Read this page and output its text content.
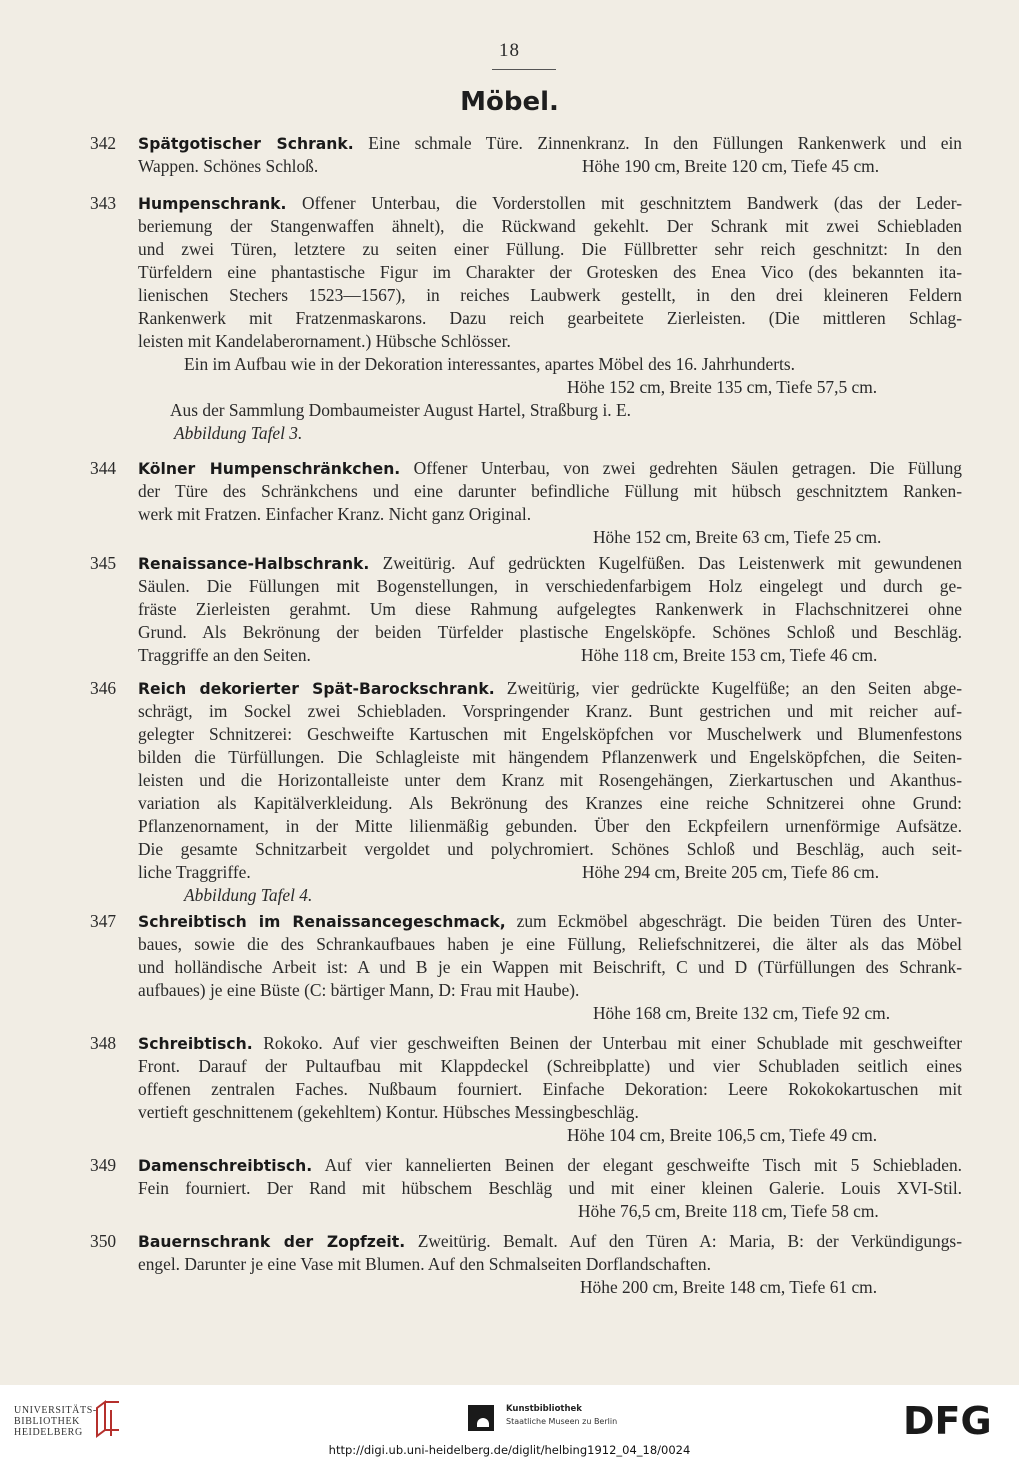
18
Möbel.
342 Spätgotischer Schrank. Eine schmale Türe. Zinnenkranz. In den Füllungen Rankenwerk und ein
Wappen. Schönes Schloß.	Höhe 190 cm, Breite 120 cm, Tiefe 45 cm.
343 Humpenschrank. Offener Unterbau, die Vorderstollen mit geschnitztem Bandwerk (das der Leder-
beriemung der Stangenwaffen ähnelt), die Rückwand gekehlt. Der Schrank mit zwei Schiebladen
und zwei Türen, letztere zu seiten einer Füllung. Die Füllbretter sehr reich geschnitzt: In den
Türfeldern eine phantastische Figur im Charakter der Grotesken des Enea Vico (des bekannten ita-
lienischen Stechers 1523—1567), in reiches Laubwerk gestellt, in den drei kleineren Feldern
Rankenwerk mit Fratzenmaskarons. Dazu reich gearbeitete Zierleisten. (Die mittleren Schlag-
leisten mit Kandelaberornament.) Hübsche Schlösser.
Ein im Aufbau wie in der Dekoration interessantes, apartes Möbel des 16. Jahrhunderts.
Höhe 152 cm, Breite 135 cm, Tiefe 57,5 cm.
Aus der Sammlung Dombaumeister August Hartel, Straßburg i. E.
Abbildung Tafel 3.
344 Kölner Humpenschränkchen. Offener Unterbau, von zwei gedrehten Säulen getragen. Die Füllung
der Türe des Schränkchens und eine darunter befindliche Füllung mit hübsch geschnitztem Ranken-
werk mit Fratzen. Einfacher Kranz. Nicht ganz Original.
Höhe 152 cm, Breite 63 cm, Tiefe 25 cm.
345 Renaissance-Halbschrank. Zweitürig. Auf gedrückten Kugelfüßen. Das Leistenwerk mit gewundenen
Säulen. Die Füllungen mit Bogenstellungen, in verschiedenfarbigem Holz eingelegt und durch ge-
fräste Zierleisten gerahmt. Um diese Rahmung aufgelegtes Rankenwerk in Flachschnitzerei ohne
Grund. Als Bekrönung der beiden Türfelder plastische Engelsköpfe. Schönes Schloß und Beschläg.
Traggriffe an den Seiten.	Höhe 118 cm, Breite 153 cm, Tiefe 46 cm.
346 Reich dekorierter Spät-Barockschrank. Zweitürig, vier gedrückte Kugelfüße; an den Seiten abge-
schrägt, im Sockel zwei Schiebladen. Vorspringender Kranz. Bunt gestrichen und mit reicher auf-
gelegter Schnitzerei: Geschweifte Kartuschen mit Engelsköpfchen vor Muschelwerk und Blumenfestons
bilden die Türfüllungen. Die Schlagleiste mit hängendem Pflanzenwerk und Engelsköpfchen, die Seiten-
leisten und die Horizontalleiste unter dem Kranz mit Rosengehängen, Zierkartuschen und Akanthus-
variation als Kapitälverkleidung. Als Bekrönung des Kranzes eine reiche Schnitzerei ohne Grund:
Pflanzenornament, in der Mitte lilienmäßig gebunden. Über den Eckpfeilern urnenförmige Aufsätze.
Die gesamte Schnitzarbeit vergoldet und polychromiert. Schönes Schloß und Beschläg, auch seit-
liche Traggriffe.	Höhe 294 cm, Breite 205 cm, Tiefe 86 cm.
Abbildung Tafel 4.
347 Schreibtisch im Renaissancegeschmack, zum Eckmöbel abgeschrägt. Die beiden Türen des Unter-
baues, sowie die des Schrankaufbaues haben je eine Füllung, Reliefschnitzerei, die älter als das Möbel
und holländische Arbeit ist: A und B je ein Wappen mit Beischrift, C und D (Türfüllungen des Schrank-
aufbaues) je eine Büste (C: bärtiger Mann, D: Frau mit Haube).
Höhe 168 cm, Breite 132 cm, Tiefe 92 cm.
348 Schreibtisch. Rokoko. Auf vier geschweiften Beinen der Unterbau mit einer Schublade mit geschweifter
Front. Darauf der Pultaufbau mit Klappdeckel (Schreibplatte) und vier Schubladen seitlich eines
offenen zentralen Faches. Nußbaum fourniert. Einfache Dekoration: Leere Rokokokartuschen mit
vertieft geschnittenem (gekehltem) Kontur. Hübsches Messingbeschläg.
Höhe 104 cm, Breite 106,5 cm, Tiefe 49 cm.
349 Damenschreibtisch. Auf vier kannelierten Beinen der elegant geschweifte Tisch mit 5 Schiebladen.
Fein fourniert. Der Rand mit hübschem Beschläg und mit einer kleinen Galerie. Louis XVI-Stil.
Höhe 76,5 cm, Breite 118 cm, Tiefe 58 cm.
350 Bauernschrank der Zopfzeit. Zweitürig. Bemalt. Auf den Türen A: Maria, B: der Verkündigungs-
engel. Darunter je eine Vase mit Blumen. Auf den Schmalseiten Dorflandschaften.
Höhe 200 cm, Breite 148 cm, Tiefe 61 cm.
UNIVERSITÄTS-
BIBLIOTHEK
HEIDELBERG
Kunstbibliothek
Staatliche Museen zu Berlin	DFG
http://digi.ub.uni-heidelberg.de/diglit/helbing1912_04_18/0024
